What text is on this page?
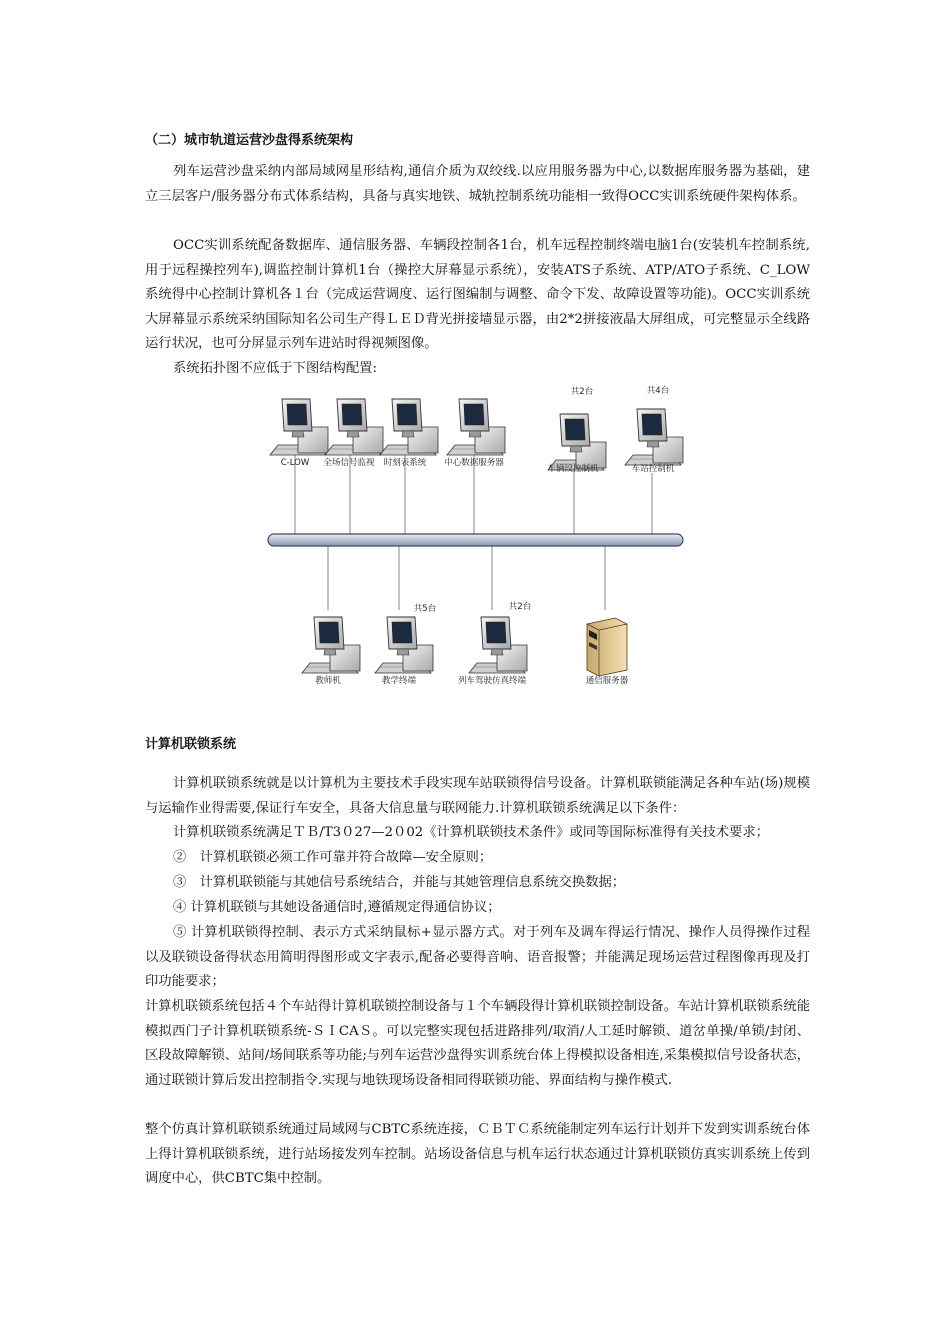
（二）城市轨道运营沙盘得系统架构
列车运营沙盘采纳内部局域网星形结构,通信介质为双绞线.以应用服务器为中心,以数据库服务器为基础，建立三层客户/服务器分布式体系结构，具备与真实地铁、城轨控制系统功能相一致得OCC实训系统硬件架构体系。
OCC实训系统配备数据库、通信服务器、车辆段控制各1台，机车远程控制终端电脑1台(安装机车控制系统,用于远程操控列车),调监控制计算机1台（操控大屏幕显示系统），安装ATS子系统、ATP/ATO子系统、C_LOW系统得中心控制计算机各１台（完成运营调度、运行图编制与调整、命令下发、故障设置等功能)。OCC实训系统大屏幕显示系统采纳国际知名公司生产得ＬＥＤ背光拼接墙显示器，由2*2拼接液晶大屏组成，可完整显示全线路运行状况，也可分屏显示列车进站时得视频图像。
系统拓扑图不应低于下图结构配置:
C-LOW 全场信号监视 时刻表系统 中心数据服务器
车辆段控制机	车站控制机
共2台	共4台
教师机	教学终端	列车驾驶仿真终端	通信服务器
共5台	共2台
计算机联锁系统
计算机联锁系统就是以计算机为主要技术手段实现车站联锁得信号设备。计算机联锁能满足各种车站(场)规模与运输作业得需要,保证行车安全，具备大信息量与联网能力.计算机联锁系统满足以下条件：
计算机联锁系统满足ＴＢ/T3０27—2０02《计算机联锁技术条件》或同等国际标准得有关技术要求；
②　计算机联锁必须工作可靠并符合故障—安全原则；
③　计算机联锁能与其她信号系统结合，并能与其她管理信息系统交换数据；
④ 计算机联锁与其她设备通信时,遵循规定得通信协议；
⑤ 计算机联锁得控制、表示方式采纳鼠标+显示器方式。对于列车及调车得运行情况、操作人员得操作过程以及联锁设备得状态用简明得图形或文字表示,配备必要得音响、语音报警；并能满足现场运营过程图像再现及打印功能要求；
计算机联锁系统包括４个车站得计算机联锁控制设备与１个车辆段得计算机联锁控制设备。车站计算机联锁系统能模拟西门子计算机联锁系统-ＳＩCAＳ。可以完整实现包括进路排列/取消/人工延时解锁、道岔单操/单锁/封闭、区段故障解锁、站间/场间联系等功能;与列车运营沙盘得实训系统台体上得模拟设备相连,采集模拟信号设备状态，通过联锁计算后发出控制指令.实现与地铁现场设备相同得联锁功能、界面结构与操作模式.
整个仿真计算机联锁系统通过局域网与CBTC系统连接，ＣＢＴＣ系统能制定列车运行计划并下发到实训系统台体上得计算机联锁系统，进行站场接发列车控制。站场设备信息与机车运行状态通过计算机联锁仿真实训系统上传到调度中心，供CBTC集中控制。
